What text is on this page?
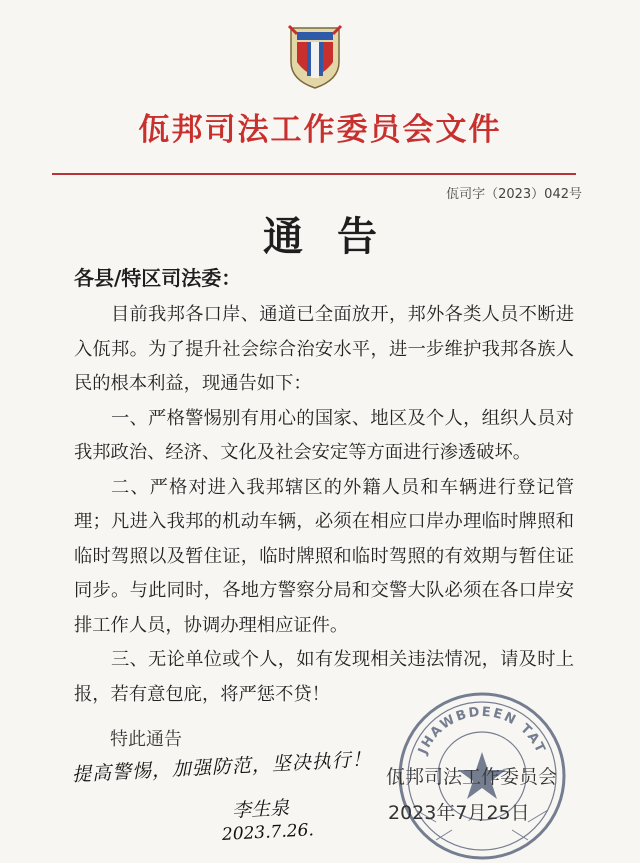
佤邦司法工作委员会文件
佤司字（2023）042号
通告
各县/特区司法委：

目前我邦各口岸、通道已全面放开，邦外各类人员不断进入佤邦。为了提升社会综合治安水平，进一步维护我邦各族人民的根本利益，现通告如下：

一、严格警惕别有用心的国家、地区及个人，组织人员对我邦政治、经济、文化及社会安定等方面进行渗透破坏。

二、严格对进入我邦辖区的外籍人员和车辆进行登记管理；凡进入我邦的机动车辆，必须在相应口岸办理临时牌照和临时驾照以及暂住证，临时牌照和临时驾照的有效期与暂住证同步。与此同时，各地方警察分局和交警大队必须在各口岸安排工作人员，协调办理相应证件。

三、无论单位或个人，如有发现相关违法情况，请及时上报，若有意包庇，将严惩不贷！

特此通告
JHAWBDEEN TAT
提高警惕，加强防范，坚决执行！ 佤邦司法工作委员会
2023年7月25日
李生泉
2023.7.26.
